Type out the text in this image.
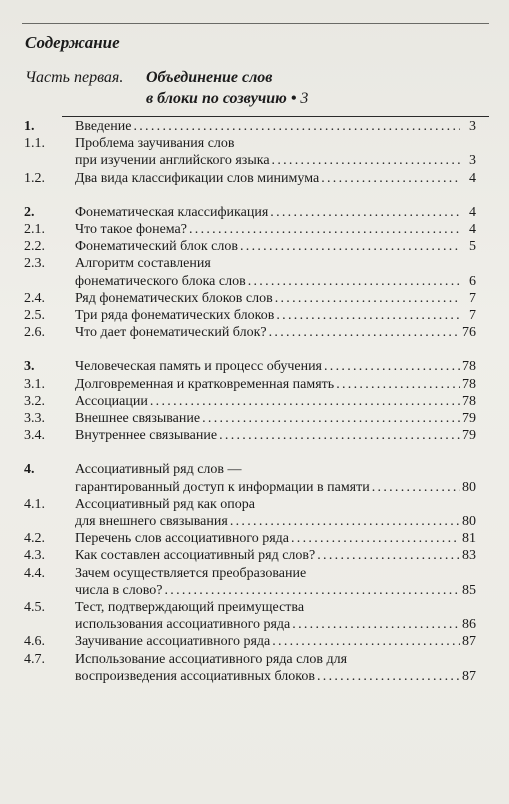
Содержание
Часть первая. Объединение слов
в блоки по созвучию • 3
1.	Введение . . .	3
1.1.	Проблема заучивания слов
при изучении английского языка . . .	3
1.2.	Два вида классификации слов минимума . . .	4
2.	Фонематическая классификация . . .	4
2.1.	Что такое фонема? . . .	4
2.2.	Фонематический блок слов . . .	5
2.3.	Алгоритм составления
фонематического блока слов . . .	6
2.4.	Ряд фонематических блоков слов . . .	7
2.5.	Три ряда фонематических блоков . . .	7
2.6.	Что дает фонематический блок? . . .	76
3.	Человеческая память и процесс обучения . . .	78
3.1.	Долговременная и кратковременная память . . .	78
3.2.	Ассоциации . . .	78
3.3.	Внешнее связывание . . .	79
3.4.	Внутреннее связывание . . .	79
4.	Ассоциативный ряд слов —
гарантированный доступ к информации в памяти . . .	80
4.1.	Ассоциативный ряд как опора
для внешнего связывания . . .	80
4.2.	Перечень слов ассоциативного ряда . . .	81
4.3.	Как составлен ассоциативный ряд слов? . . .	83
4.4.	Зачем осуществляется преобразование
числа в слово? . . .	85
4.5.	Тест, подтверждающий преимущества
использования ассоциативного ряда . . .	86
4.6.	Заучивание ассоциативного ряда . . .	87
4.7.	Использование ассоциативного ряда слов для
воспроизведения ассоциативных блоков . . .	87
